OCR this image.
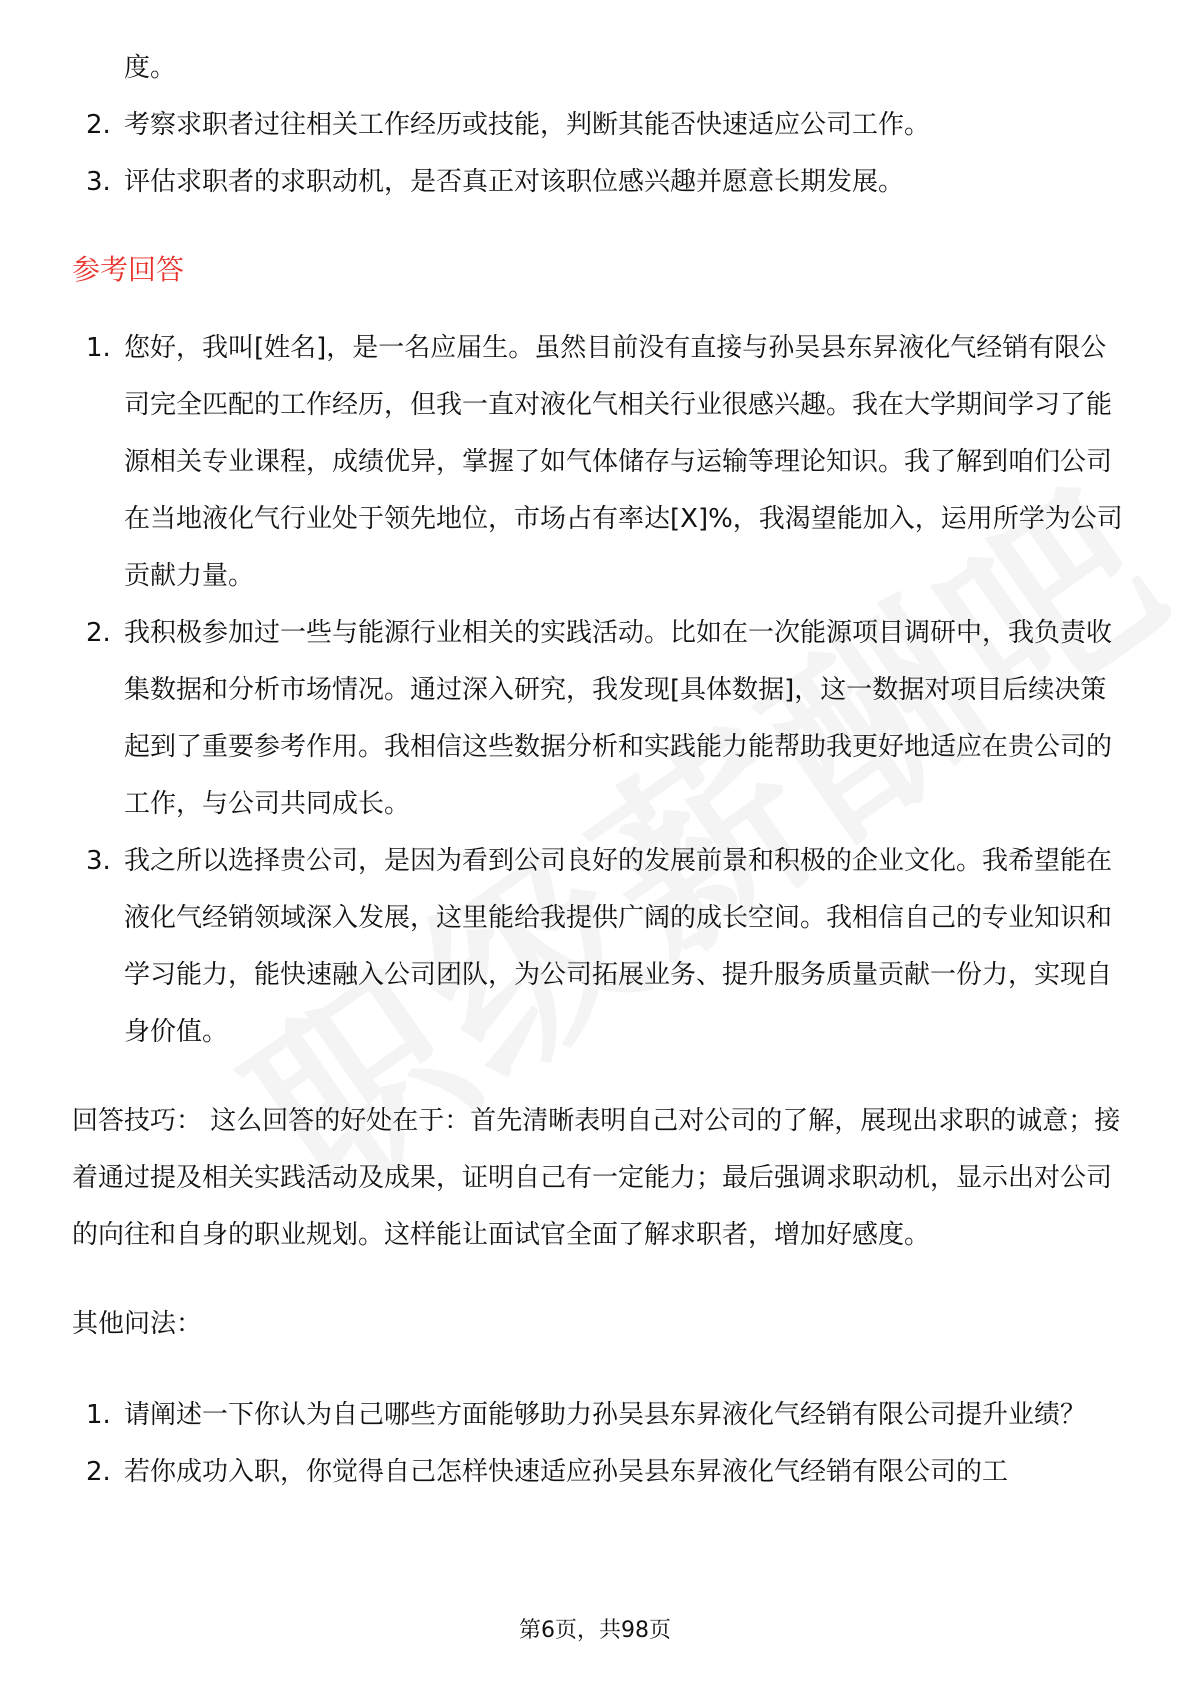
度。
2. 考察求职者过往相关工作经历或技能，判断其能否快速适应公司工作。
3. 评估求职者的求职动机，是否真正对该职位感兴趣并愿意长期发展。
参考回答
1. 您好，我叫[姓名]，是一名应届生。虽然目前没有直接与孙吴县东昇液化气经销有限公司完全匹配的工作经历，但我一直对液化气相关行业很感兴趣。我在大学期间学习了能源相关专业课程，成绩优异，掌握了如气体储存与运输等理论知识。我了解到咱们公司在当地液化气行业处于领先地位，市场占有率达[X]%，我渴望能加入，运用所学为公司贡献力量。
2. 我积极参加过一些与能源行业相关的实践活动。比如在一次能源项目调研中，我负责收集数据和分析市场情况。通过深入研究，我发现[具体数据]，这一数据对项目后续决策起到了重要参考作用。我相信这些数据分析和实践能力能帮助我更好地适应在贵公司的工作，与公司共同成长。
3. 我之所以选择贵公司，是因为看到公司良好的发展前景和积极的企业文化。我希望能在液化气经销领域深入发展，这里能给我提供广阔的成长空间。我相信自己的专业知识和学习能力，能快速融入公司团队，为公司拓展业务、提升服务质量贡献一份力，实现自身价值。
回答技巧： 这么回答的好处在于：首先清晰表明自己对公司的了解，展现出求职的诚意；接着通过提及相关实践活动及成果，证明自己有一定能力；最后强调求职动机，显示出对公司的向往和自身的职业规划。这样能让面试官全面了解求职者，增加好感度。
其他问法：
1. 请阐述一下你认为自己哪些方面能够助力孙吴县东昇液化气经销有限公司提升业绩？
2. 若你成功入职，你觉得自己怎样快速适应孙吴县东昇液化气经销有限公司的工
第6页，共98页
